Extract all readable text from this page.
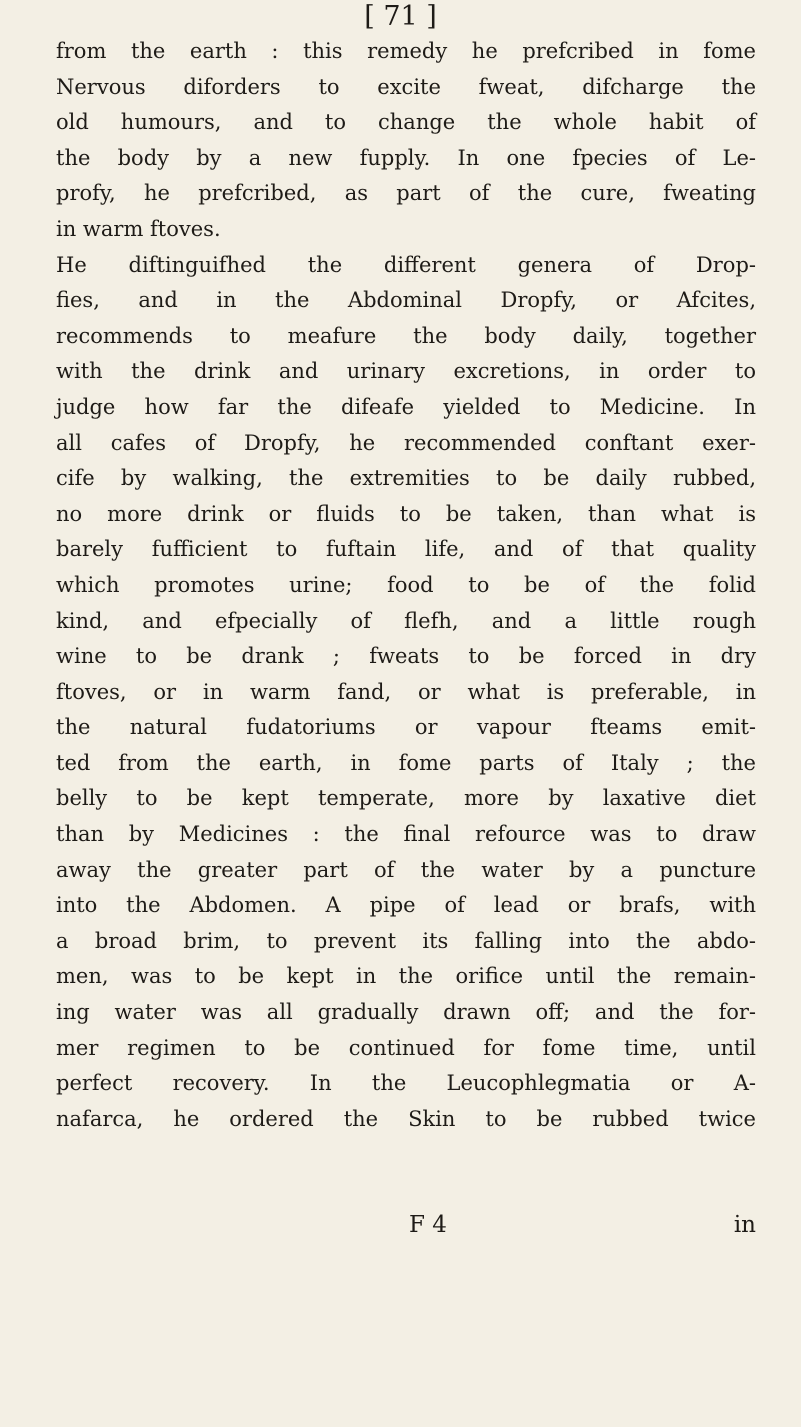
[ 71 ]
from the earth : this remedy he prefcribed in fome
Nervous diforders to excite fweat, difcharge the
old humours, and to change the whole habit of
the body by a new fupply. In one fpecies of Le-
profy, he prefcribed, as part of the cure, fweating
in warm ftoves.
He diftinguifhed the different genera of Drop-
fies, and in the Abdominal Dropfy, or Afcites,
recommends to meafure the body daily, together
with the drink and urinary excretions, in order to
judge how far the difeafe yielded to Medicine. In
all cafes of Dropfy, he recommended conftant exer-
cife by walking, the extremities to be daily rubbed,
no more drink or fluids to be taken, than what is
barely fufficient to fuftain life, and of that quality
which promotes urine; food to be of the folid
kind, and efpecially of flefh, and a little rough
wine to be drank ; fweats to be forced in dry
ftoves, or in warm fand, or what is preferable, in
the natural fudatoriums or vapour fteams emit-
ted from the earth, in fome parts of Italy ; the
belly to be kept temperate, more by laxative diet
than by Medicines : the final refource was to draw
away the greater part of the water by a puncture
into the Abdomen. A pipe of lead or brafs, with
a broad brim, to prevent its falling into the abdo-
men, was to be kept in the orifice until the remain-
ing water was all gradually drawn off; and the for-
mer regimen to be continued for fome time, until
perfect recovery. In the Leucophlegmatia or A-
nafarca, he ordered the Skin to be rubbed twice
F 4	in
